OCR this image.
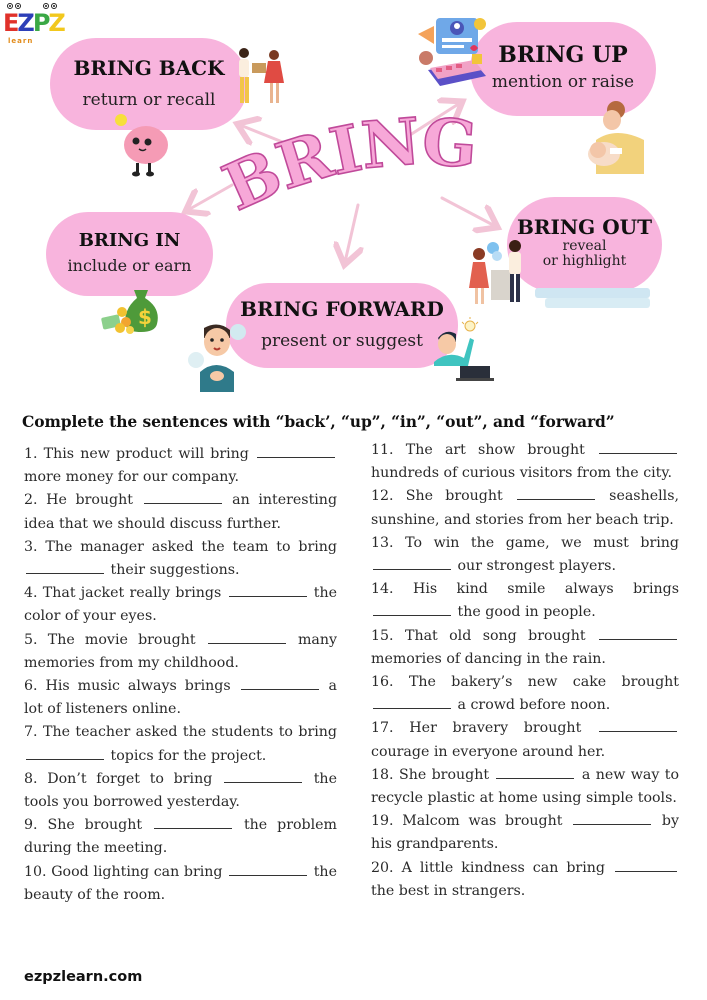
EZPZ
learn
BRING
BRING BACK
return or recall
BRING UP
mention or raise
BRING IN
include or earn
BRING OUT
reveal
or highlight
BRING FORWARD
present or suggest
$
Complete the sentences with “back’, “up”, “in”, “out”, and “forward”
1. This new product will bring  more money for our company.
2. He brought	an interesting idea that we should discuss further.
3. The manager asked the team to bring  their suggestions.
4. That jacket really brings	the color of your eyes.
5. The movie brought	many memories from my childhood.
6. His music always brings	a lot of listeners online.
7. The teacher asked the students to bring  topics for the project.
8. Don’t forget to bring	the tools you borrowed yesterday.
9. She brought	the problem during the meeting.
10. Good lighting can bring	the beauty of the room.
11. The art show brought  hundreds of curious visitors from the city.
12. She brought	seashells, sunshine, and stories from her beach trip.
13. To win the game, we must bring  our strongest players.
14. His kind smile always brings  the good in people.
15. That old song brought  memories of dancing in the rain.
16. The bakery’s new cake brought  a crowd before noon.
17. Her bravery brought  courage in everyone around her.
18. She brought	a new way to recycle plastic at home using simple tools.
19. Malcom was brought	by his grandparents.
20. A little kindness can bring  the best in strangers.
ezpzlearn.com
